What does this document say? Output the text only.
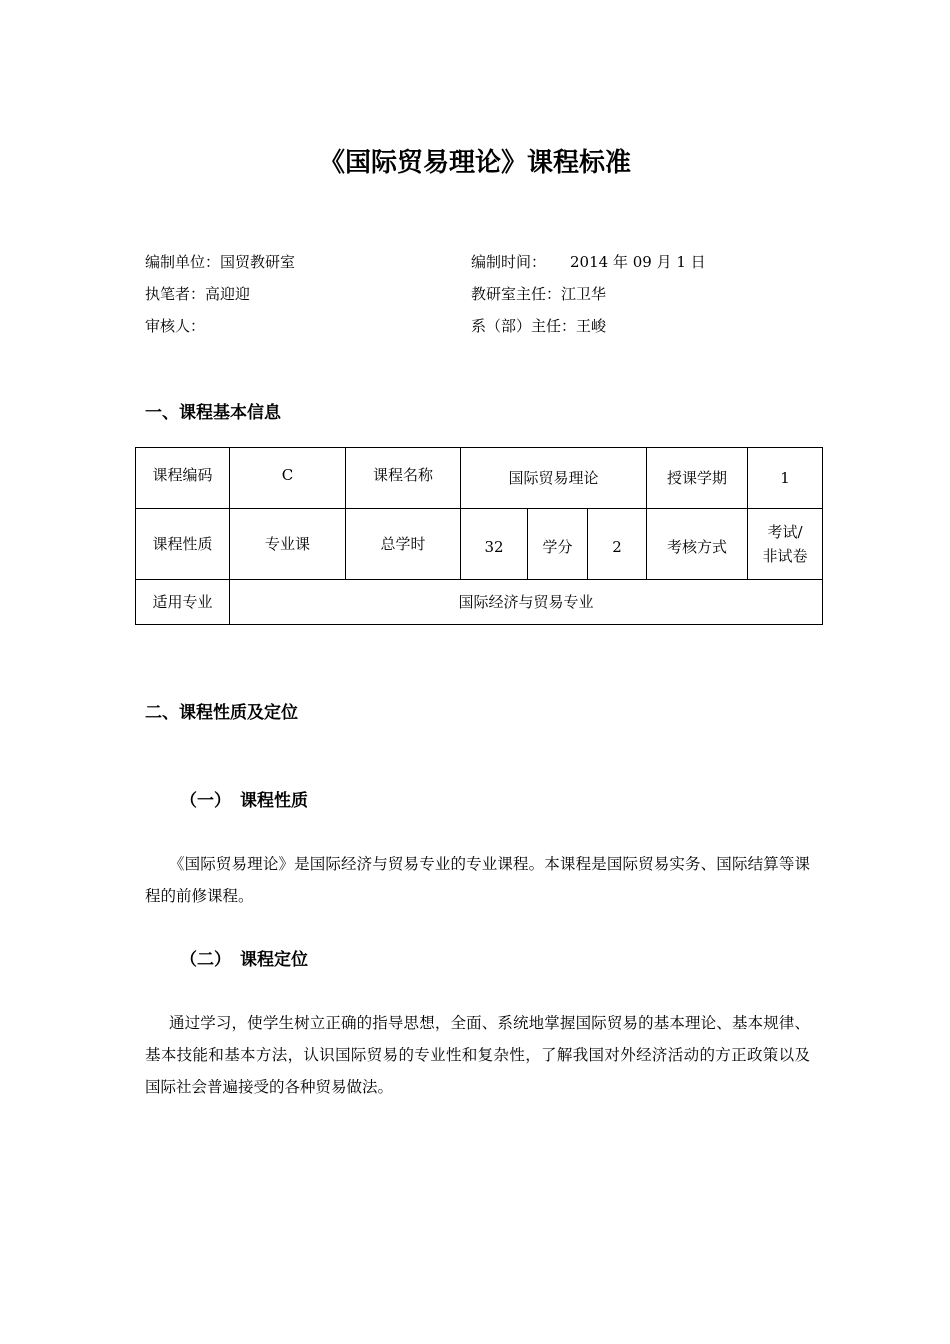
《国际贸易理论》课程标准
编制单位：国贸教研室	编制时间： 2014 年 09 月 1 日
执笔者：高迎迎	教研室主任：江卫华
审核人：	系（部）主任：王峻
一、课程基本信息
课程编码	C	课程名称	国际贸易理论			授课学期	1
课程性质	专业课	总学时	32	学分	2	考核方式	考试/
非试卷

适用专业	国际经济与贸易专业						
二、课程性质及定位
（一） 课程性质

《国际贸易理论》是国际经济与贸易专业的专业课程。本课程是国际贸易实务、国际结算等课程的前修课程。

（二） 课程定位

通过学习，使学生树立正确的指导思想，全面、系统地掌握国际贸易的基本理论、基本规律、基本技能和基本方法，认识国际贸易的专业性和复杂性，了解我国对外经济活动的方正政策以及国际社会普遍接受的各种贸易做法。
